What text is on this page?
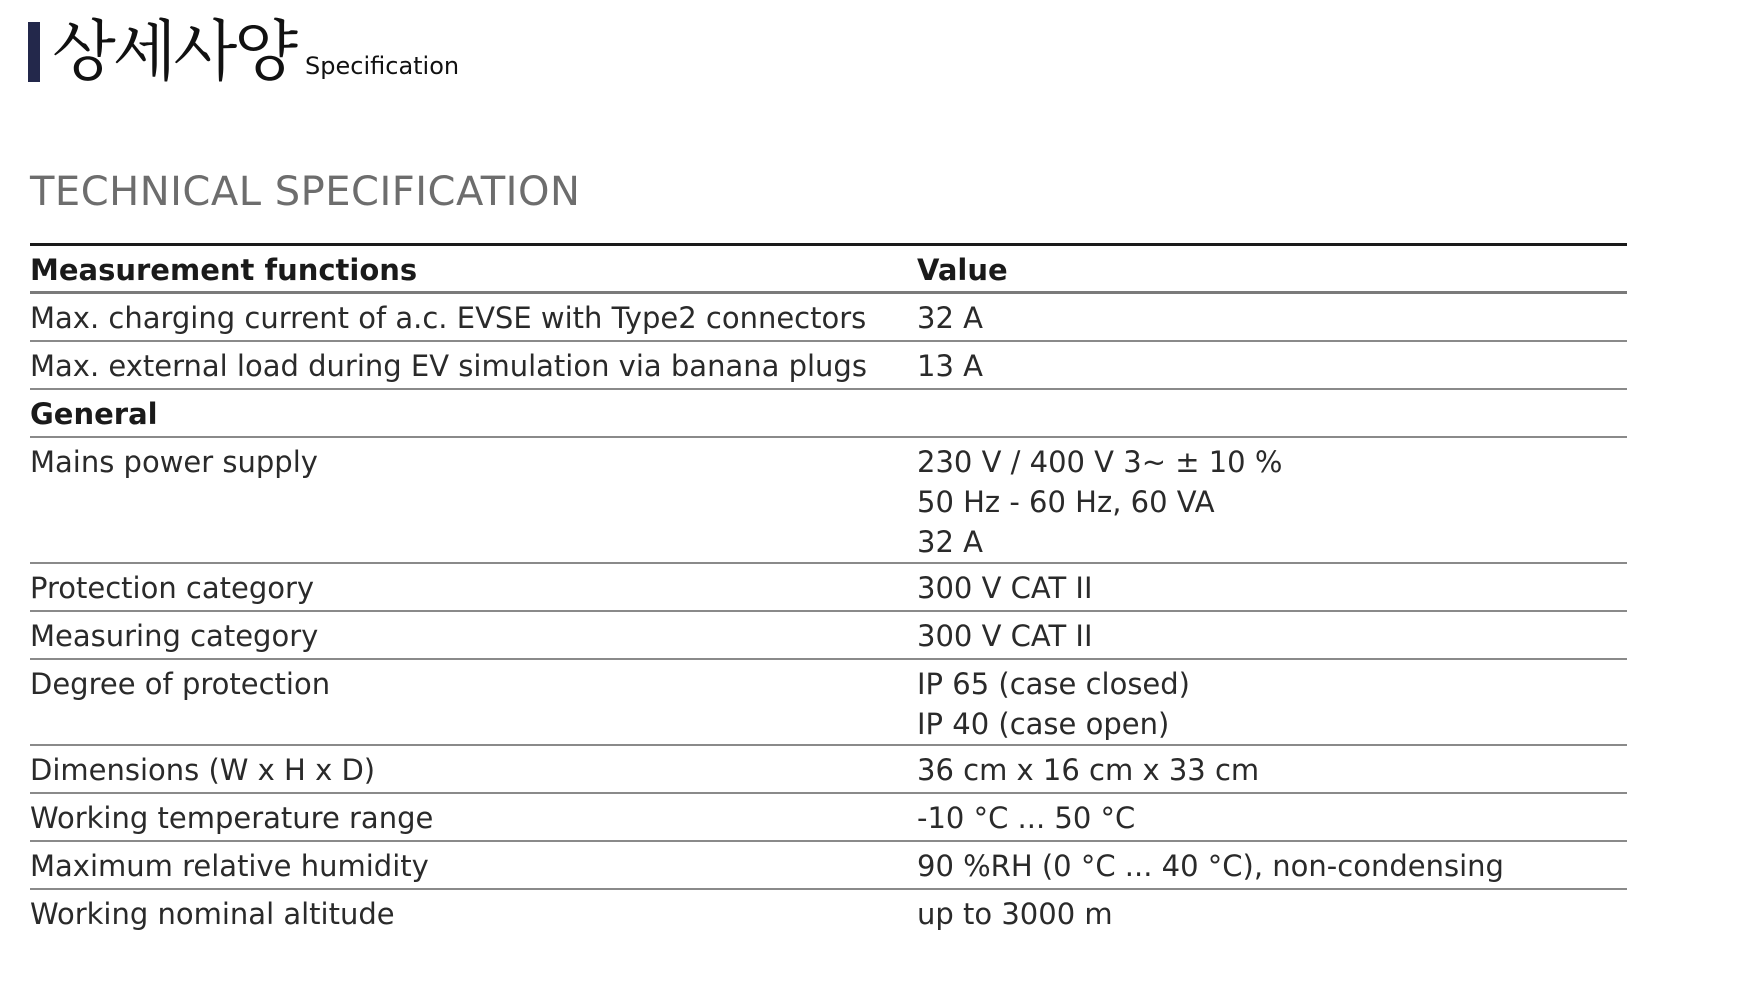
상세사양 Specification
TECHNICAL SPECIFICATION
Measurement functions	Value
Max. charging current of a.c. EVSE with Type2 connectors	32 A

Max. external load during EV simulation via banana plugs	13 A

General	
Mains power supply	230 V / 400 V 3~ ± 10 %
50 Hz - 60 Hz, 60 VA
32 A

Protection category	300 V CAT II

Measuring category	300 V CAT II

Degree of protection	IP 65 (case closed)
IP 40 (case open)

Dimensions (W x H x D)	36 cm x 16 cm x 33 cm

Working temperature range	-10 °C ... 50 °C

Maximum relative humidity	90 %RH (0 °C ... 40 °C), non-condensing

Working nominal altitude	up to 3000 m
